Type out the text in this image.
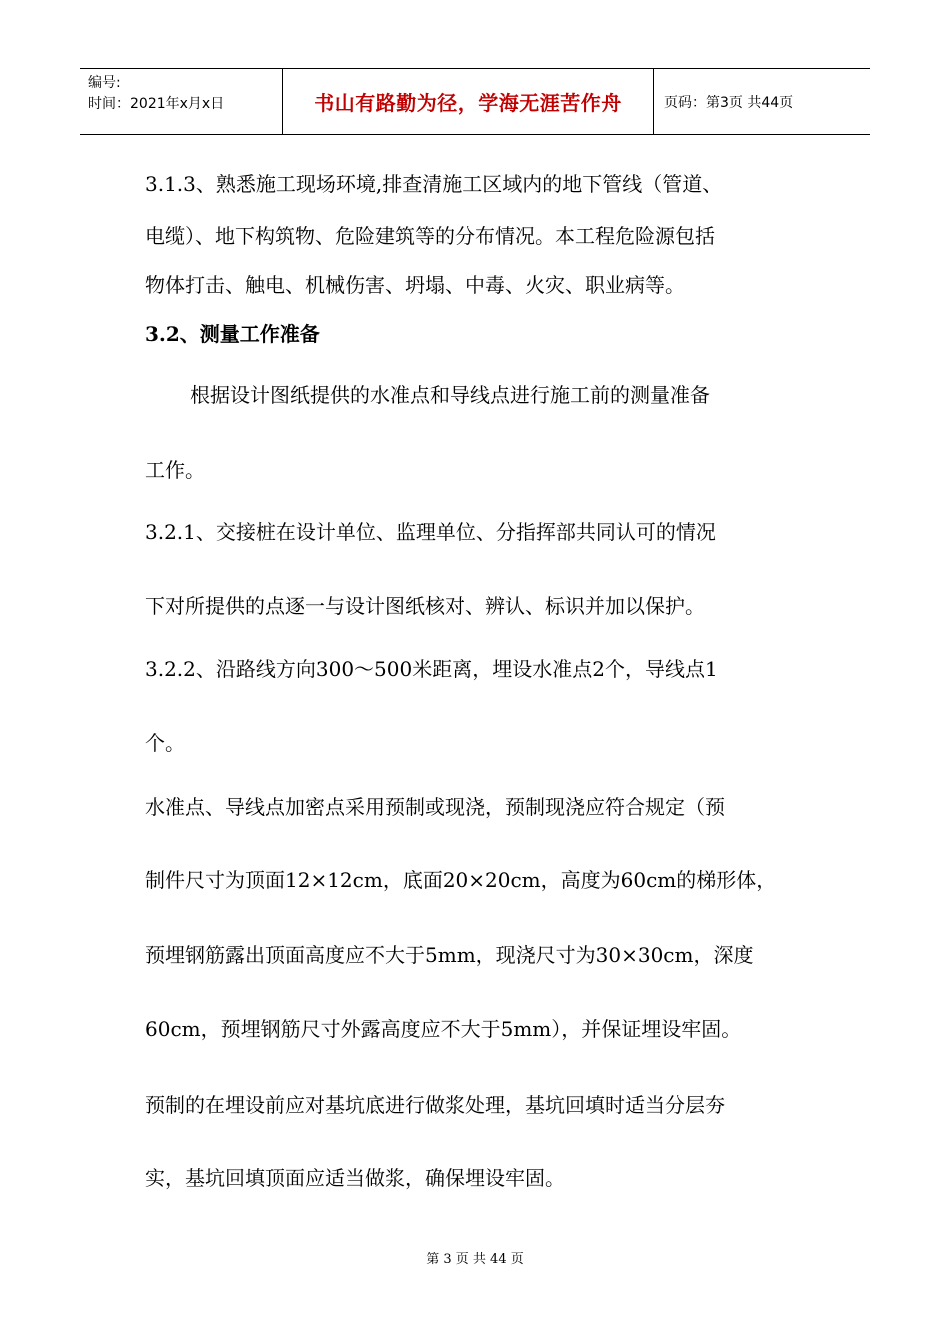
编号:
时间：2021年x月x日	书山有路勤为径，学海无涯苦作舟	页码：第3页 共44页
3.1.3、熟悉施工现场环境,排查清施工区域内的地下管线（管道、
电缆）、地下构筑物、危险建筑等的分布情况。本工程危险源包括
物体打击、触电、机械伤害、坍塌、中毒、火灾、职业病等。
3.2、测量工作准备
根据设计图纸提供的水准点和导线点进行施工前的测量准备
工作。
3.2.1、交接桩在设计单位、监理单位、分指挥部共同认可的情况
下对所提供的点逐一与设计图纸核对、辨认、标识并加以保护。
3.2.2、沿路线方向300～500米距离，埋设水准点2个，导线点1
个。
水准点、导线点加密点采用预制或现浇，预制现浇应符合规定（预
制件尺寸为顶面12×12cm，底面20×20cm，高度为60cm的梯形体，
预埋钢筋露出顶面高度应不大于5mm，现浇尺寸为30×30cm，深度
60cm，预埋钢筋尺寸外露高度应不大于5mm），并保证埋设牢固。
预制的在埋设前应对基坑底进行做浆处理，基坑回填时适当分层夯
实，基坑回填顶面应适当做浆，确保埋设牢固。
第 3 页 共 44 页
